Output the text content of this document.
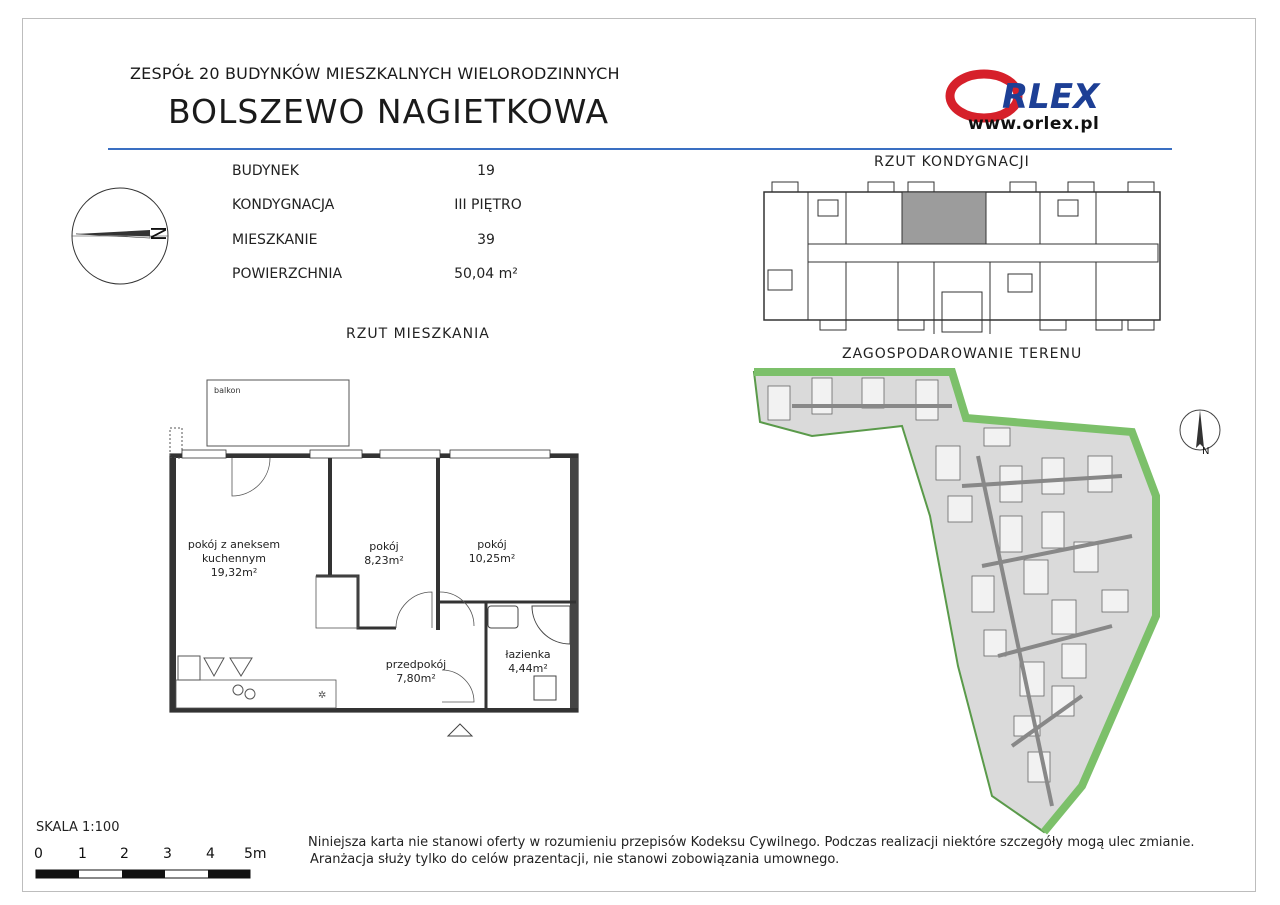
ZESPÓŁ 20 BUDYNKÓW MIESZKALNYCH WIELORODZINNYCH
BOLSZEWO NAGIETKOWA	RLEX
www.orlex.pl
N
BUDYNEK	19
KONDYGNACJA	III PIĘTRO
MIESZKANIE	39
POWIERZCHNIA	50,04 m²
RZUT MIESZKANIA
RZUT KONDYGNACJI
ZAGOSPODAROWANIE TERENU
✲
balkon
pokój z aneksem
kuchennym
19,32m²
pokój
8,23m²
pokój
10,25m²
przedpokój
7,80m²
łazienka
4,44m²
N
SKALA 1:100
0	1 2 3 4 5m
Niniejsza karta nie stanowi oferty w rozumieniu przepisów Kodeksu Cywilnego. Podczas realizacji niektóre szczegóły mogą ulec zmianie.
Aranżacja służy tylko do celów prazentacji, nie stanowi zobowiązania umownego.
